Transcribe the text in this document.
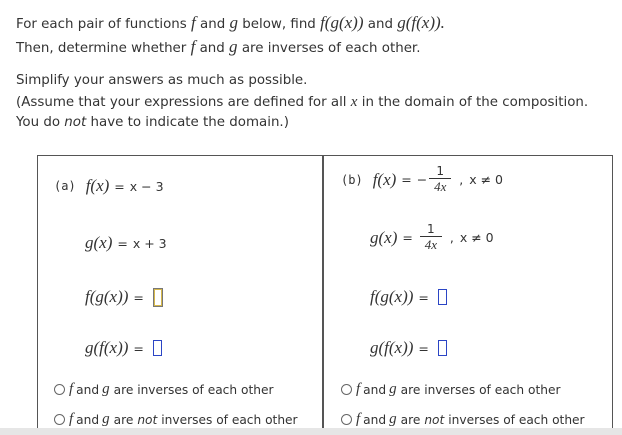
For each pair of functions f and g below, find f(g(x)) and g(f(x)).
Then, determine whether f and g are inverses of each other.
Simplify your answers as much as possible.
(Assume that your expressions are defined for all x in the domain of the composition.
You do not have to indicate the domain.)
(a) f(x) = x − 3
g(x) = x + 3
f(g(x)) =
g(f(x)) =
f and g are inverses of each other
f and g are not inverses of each other
(b) f(x) = − $\frac{1}{4x}$ , x ≠ 0
$g(x) = \frac{1}{4x}$ , x ≠ 0
f(g(x)) =
g(f(x)) =
f and g are inverses of each other
f and g are not inverses of each other
